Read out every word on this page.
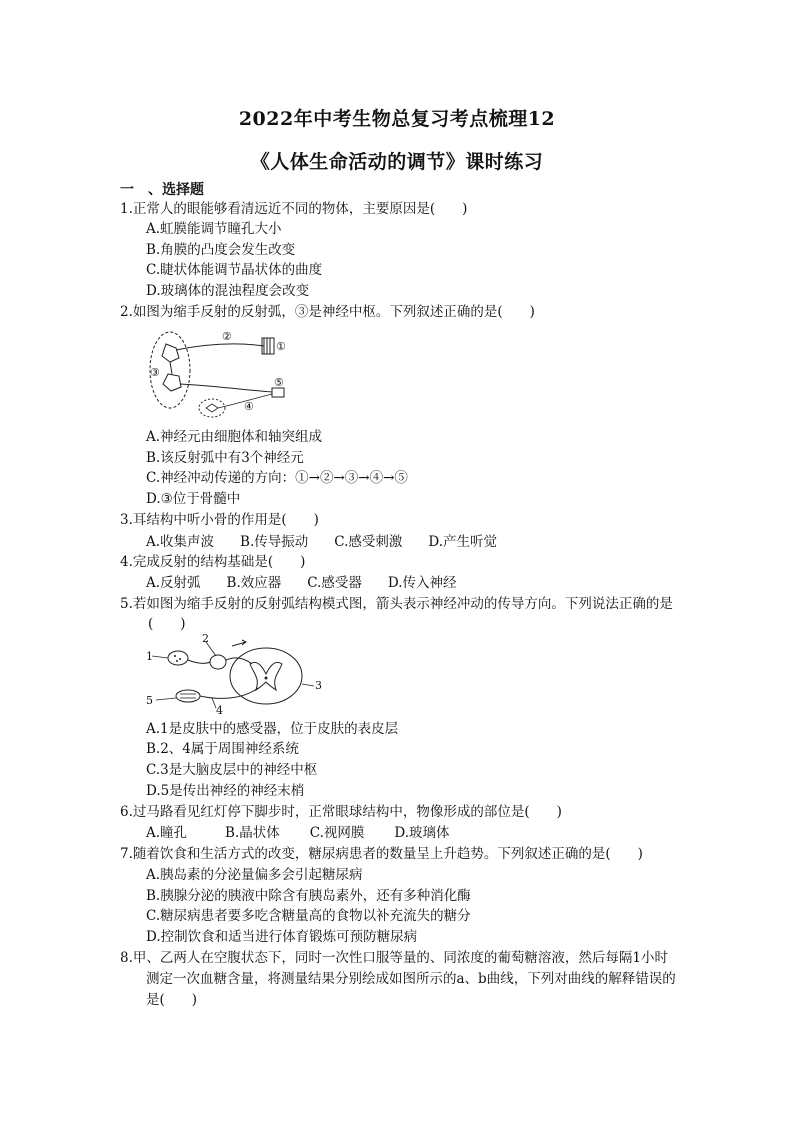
2022年中考生物总复习考点梳理12
《人体生命活动的调节》课时练习
一　、选择题
1.正常人的眼能够看清远近不同的物体，主要原因是(　　)
A.虹膜能调节瞳孔大小
B.角膜的凸度会发生改变
C.睫状体能调节晶状体的曲度
D.玻璃体的混浊程度会改变
2.如图为缩手反射的反射弧，③是神经中枢。下列叙述正确的是(　　)
②
①
③
⑤
④
A.神经元由细胞体和轴突组成
B.该反射弧中有3个神经元
C.神经冲动传递的方向：①→②→③→④→⑤
D.③位于骨髓中
3.耳结构中听小骨的作用是(　　)
A.收集声波 B.传导振动 C.感受刺激 D.产生听觉
4.完成反射的结构基础是(　　)
A.反射弧 B.效应器 C.感受器 D.传入神经
5.若如图为缩手反射的反射弧结构模式图，箭头表示神经冲动的传导方向。下列说法正确的是
(　　)
1
2
3
4
5
A.1是皮肤中的感受器，位于皮肤的表皮层
B.2、4属于周围神经系统
C.3是大脑皮层中的神经中枢
D.5是传出神经的神经末梢
6.过马路看见红灯停下脚步时，正常眼球结构中，物像形成的部位是(　　)
A.瞳孔	B.晶状体 C.视网膜 D.玻璃体
7.随着饮食和生活方式的改变，糖尿病患者的数量呈上升趋势。下列叙述正确的是(　　)
A.胰岛素的分泌量偏多会引起糖尿病
B.胰腺分泌的胰液中除含有胰岛素外，还有多种消化酶
C.糖尿病患者要多吃含糖量高的食物以补充流失的糖分
D.控制饮食和适当进行体育锻炼可预防糖尿病
8.甲、乙两人在空腹状态下，同时一次性口服等量的、同浓度的葡萄糖溶液，然后每隔1小时
测定一次血糖含量，将测量结果分别绘成如图所示的a、b曲线，下列对曲线的解释错误的
是(　　)
